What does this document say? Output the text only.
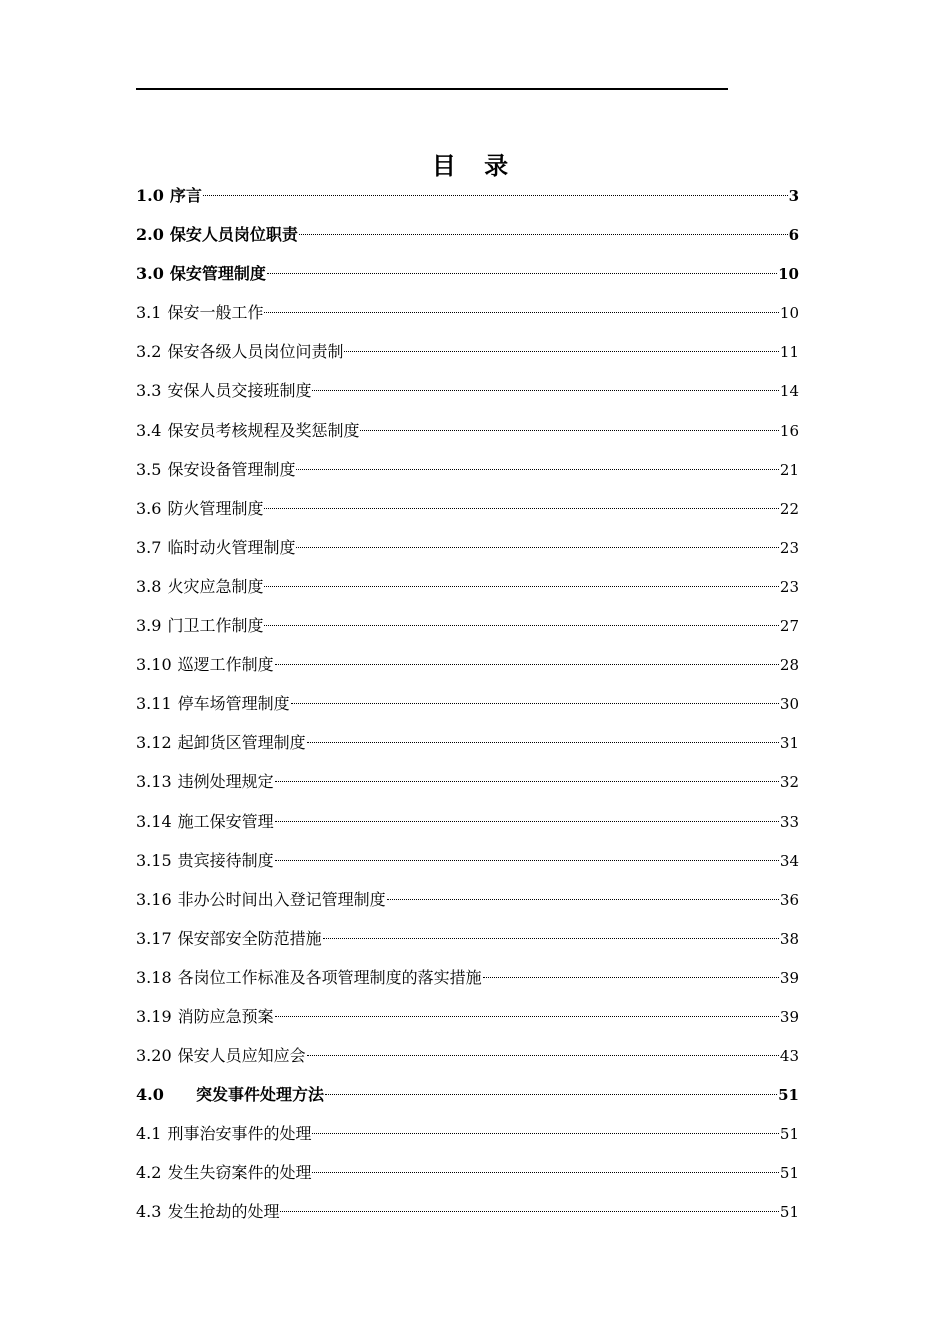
目 录
1.0 序言	3
2.0 保安人员岗位职责	6
3.0 保安管理制度	10
3.1 保安一般工作	10
3.2 保安各级人员岗位问责制	11
3.3 安保人员交接班制度	14
3.4 保安员考核规程及奖惩制度	16
3.5 保安设备管理制度	21
3.6 防火管理制度	22
3.7 临时动火管理制度	23
3.8 火灾应急制度	23
3.9 门卫工作制度	27
3.10 巡逻工作制度	28
3.11 停车场管理制度	30
3.12 起卸货区管理制度	31
3.13 违例处理规定	32
3.14 施工保安管理	33
3.15 贵宾接待制度	34
3.16 非办公时间出入登记管理制度	36
3.17 保安部安全防范措施	38
3.18 各岗位工作标准及各项管理制度的落实措施	39
3.19 消防应急预案	39
3.20 保安人员应知应会	43
4.0	突发事件处理方法	51
4.1 刑事治安事件的处理	51
4.2 发生失窃案件的处理	51
4.3 发生抢劫的处理	51
